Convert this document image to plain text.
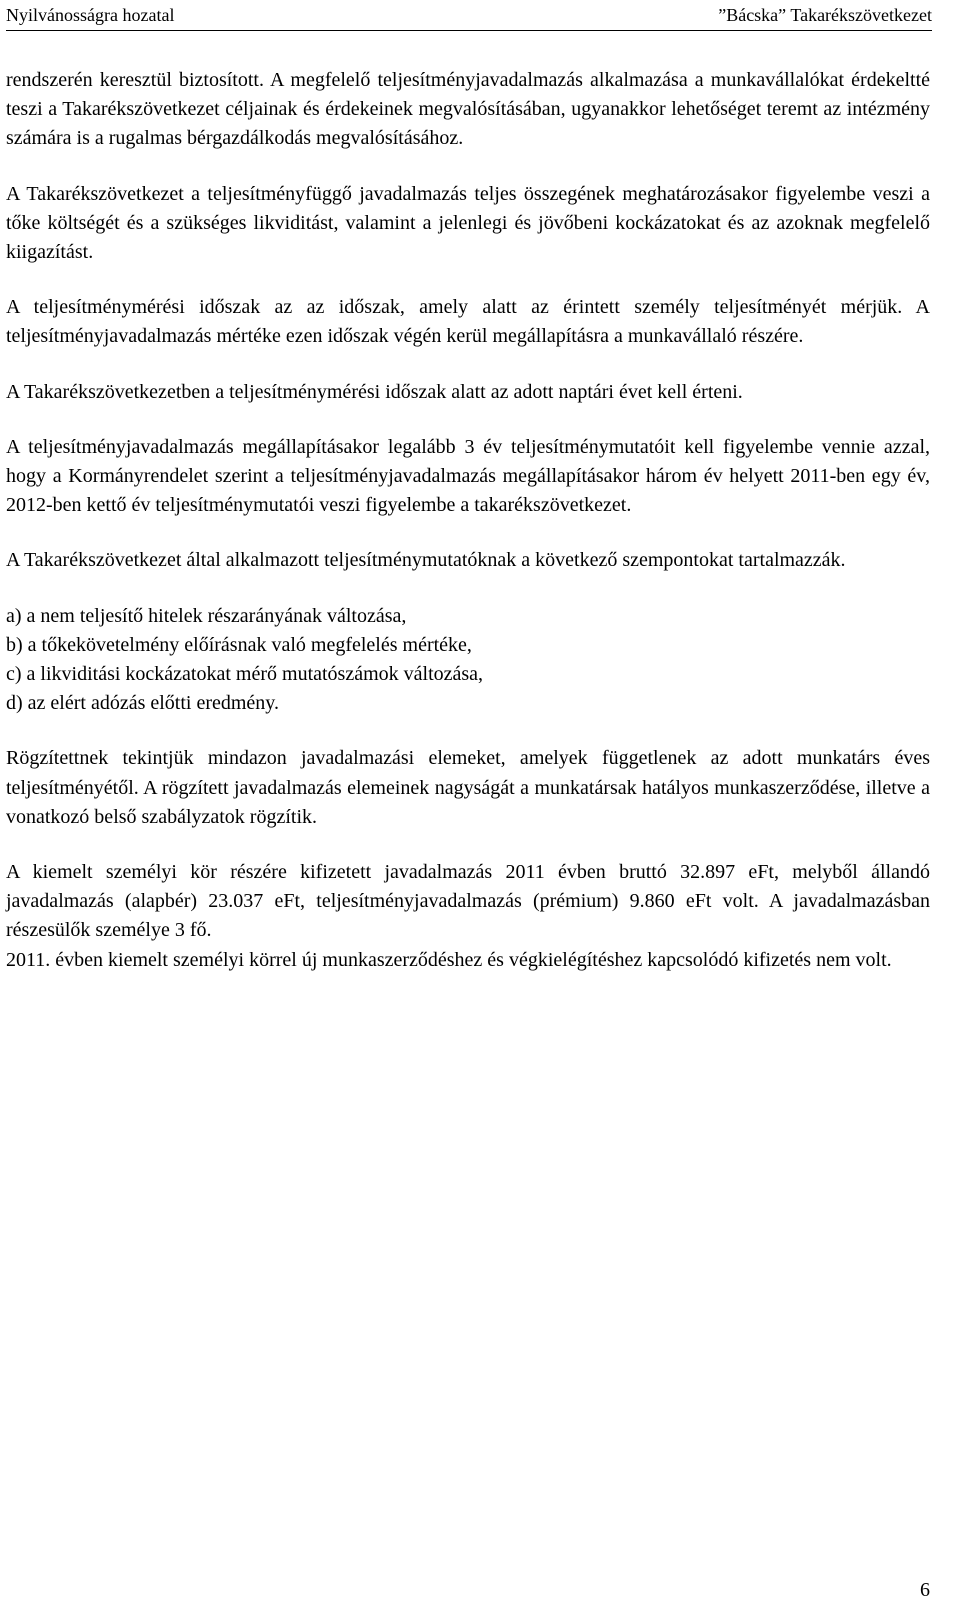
Nyilvánosságra hozatal	”Bácska” Takarékszövetkezet

rendszerén keresztül biztosított. A megfelelő teljesítményjavadalmazás alkalmazása a munkavállalókat érdekeltté teszi a Takarékszövetkezet céljainak és érdekeinek megvalósításában, ugyanakkor lehetőséget teremt az intézmény számára is a rugalmas bérgazdálkodás megvalósításához.

A Takarékszövetkezet a teljesítményfüggő javadalmazás teljes összegének meghatározásakor figyelembe veszi a tőke költségét és a szükséges likviditást, valamint a jelenlegi és jövőbeni kockázatokat és az azoknak megfelelő kiigazítást.

A teljesítménymérési időszak az az időszak, amely alatt az érintett személy teljesítményét mérjük. A teljesítményjavadalmazás mértéke ezen időszak végén kerül megállapításra a munkavállaló részére.

A Takarékszövetkezetben a teljesítménymérési időszak alatt az adott naptári évet kell érteni.

A teljesítményjavadalmazás megállapításakor legalább 3 év teljesítménymutatóit kell figyelembe vennie azzal, hogy a Kormányrendelet szerint a teljesítményjavadalmazás megállapításakor három év helyett 2011-ben egy év, 2012-ben kettő év teljesítménymutatói veszi figyelembe a takarékszövetkezet.

A Takarékszövetkezet által alkalmazott teljesítménymutatóknak a következő szempontokat tartalmazzák.

a) a nem teljesítő hitelek részarányának változása,
b) a tőkekövetelmény előírásnak való megfelelés mértéke,
c) a likviditási kockázatokat mérő mutatószámok változása,
d) az elért adózás előtti eredmény.

Rögzítettnek tekintjük mindazon javadalmazási elemeket, amelyek függetlenek az adott munkatárs éves teljesítményétől. A rögzített javadalmazás elemeinek nagyságát a munkatársak hatályos munkaszerződése, illetve a vonatkozó belső szabályzatok rögzítik.

A kiemelt személyi kör részére kifizetett javadalmazás 2011 évben bruttó 32.897 eFt, melyből állandó javadalmazás (alapbér) 23.037 eFt, teljesítményjavadalmazás (prémium) 9.860 eFt volt. A javadalmazásban részesülők személye 3 fő.

2011. évben kiemelt személyi körrel új munkaszerződéshez és végkielégítéshez kapcsolódó kifizetés nem volt.

6
